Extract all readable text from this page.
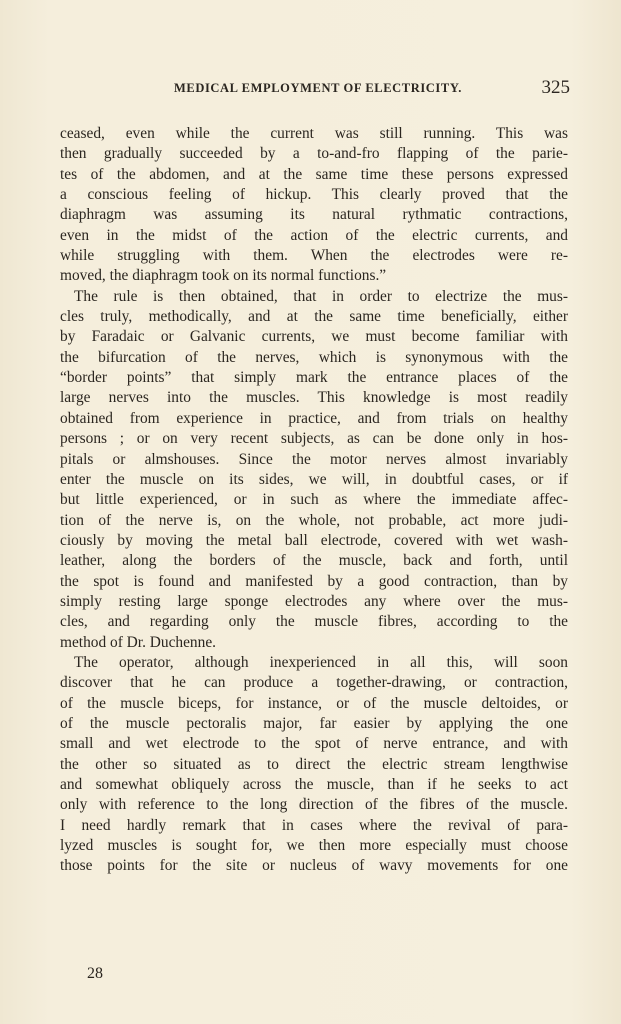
MEDICAL EMPLOYMENT OF ELECTRICITY.	325
ceased, even while the current was still running. This was
then gradually succeeded by a to-and-fro flapping of the parie-
tes of the abdomen, and at the same time these persons expressed
a conscious feeling of hickup. This clearly proved that the
diaphragm was assuming its natural rythmatic contractions,
even in the midst of the action of the electric currents, and
while struggling with them. When the electrodes were re-
moved, the diaphragm took on its normal functions.”
The rule is then obtained, that in order to electrize the mus-
cles truly, methodically, and at the same time beneficially, either
by Faradaic or Galvanic currents, we must become familiar with
the bifurcation of the nerves, which is synonymous with the
“border points” that simply mark the entrance places of the
large nerves into the muscles. This knowledge is most readily
obtained from experience in practice, and from trials on healthy
persons ; or on very recent subjects, as can be done only in hos-
pitals or almshouses. Since the motor nerves almost invariably
enter the muscle on its sides, we will, in doubtful cases, or if
but little experienced, or in such as where the immediate affec-
tion of the nerve is, on the whole, not probable, act more judi-
ciously by moving the metal ball electrode, covered with wet wash-
leather, along the borders of the muscle, back and forth, until
the spot is found and manifested by a good contraction, than by
simply resting large sponge electrodes any where over the mus-
cles, and regarding only the muscle fibres, according to the
method of Dr. Duchenne.
The operator, although inexperienced in all this, will soon
discover that he can produce a together-drawing, or contraction,
of the muscle biceps, for instance, or of the muscle deltoides, or
of the muscle pectoralis major, far easier by applying the one
small and wet electrode to the spot of nerve entrance, and with
the other so situated as to direct the electric stream lengthwise
and somewhat obliquely across the muscle, than if he seeks to act
only with reference to the long direction of the fibres of the muscle.
I need hardly remark that in cases where the revival of para-
lyzed muscles is sought for, we then more especially must choose
those points for the site or nucleus of wavy movements for one
28
